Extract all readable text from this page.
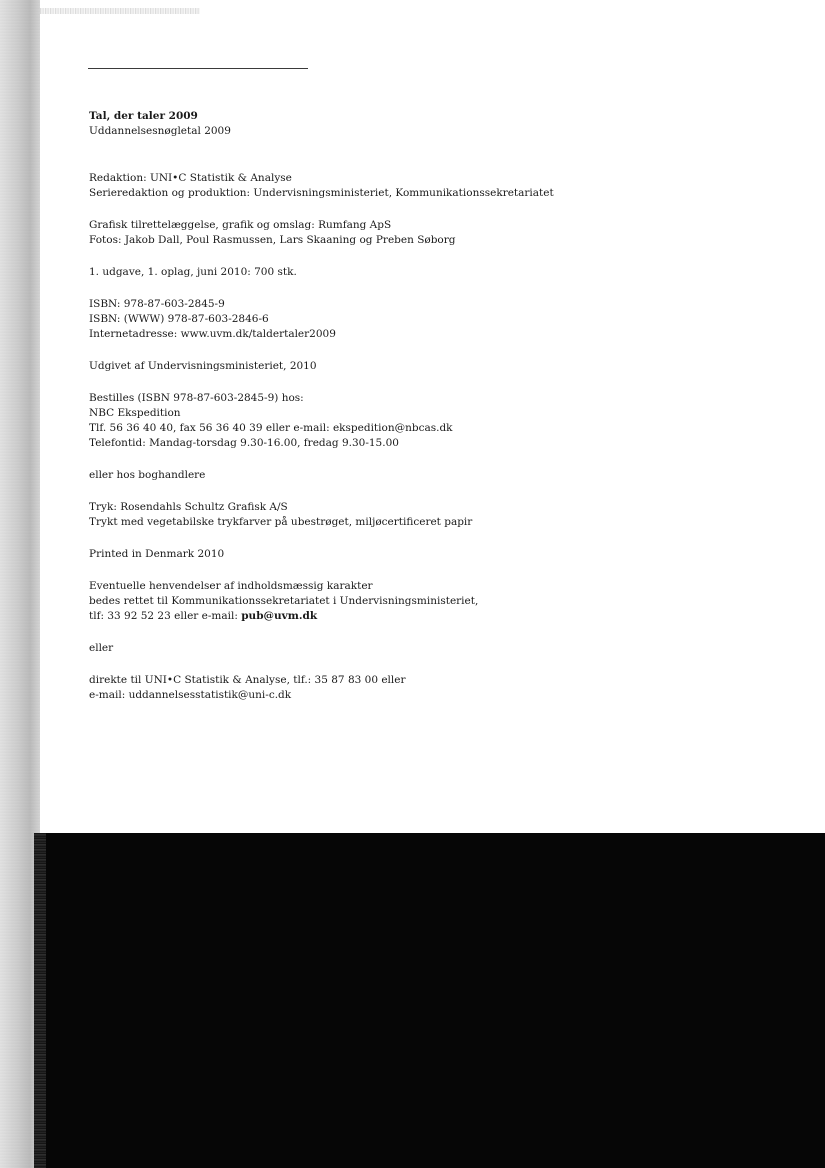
Tal, der taler 2009
Uddannelsesnøgletal 2009
Redaktion: UNI•C Statistik & Analyse
Serieredaktion og produktion: Undervisningsministeriet, Kommunikationssekretariatet
Grafisk tilrettelæggelse, grafik og omslag: Rumfang ApS
Fotos: Jakob Dall, Poul Rasmussen, Lars Skaaning og Preben Søborg
1. udgave, 1. oplag, juni 2010: 700 stk.
ISBN: 978-87-603-2845-9
ISBN: (WWW) 978-87-603-2846-6
Internetadresse: www.uvm.dk/taldertaler2009
Udgivet af Undervisningsministeriet, 2010
Bestilles (ISBN 978-87-603-2845-9) hos:
NBC Ekspedition
Tlf. 56 36 40 40, fax 56 36 40 39 eller e-mail: ekspedition@nbcas.dk
Telefontid: Mandag-torsdag 9.30-16.00, fredag 9.30-15.00
eller hos boghandlere
Tryk: Rosendahls Schultz Grafisk A/S
Trykt med vegetabilske trykfarver på ubestrøget, miljøcertificeret papir
Printed in Denmark 2010
Eventuelle henvendelser af indholdsmæssig karakter
bedes rettet til Kommunikationssekretariatet i Undervisningsministeriet,
tlf: 33 92 52 23 eller e-mail: pub@uvm.dk
eller
direkte til UNI•C Statistik & Analyse, tlf.: 35 87 83 00 eller
e-mail: uddannelsesstatistik@uni-c.dk
